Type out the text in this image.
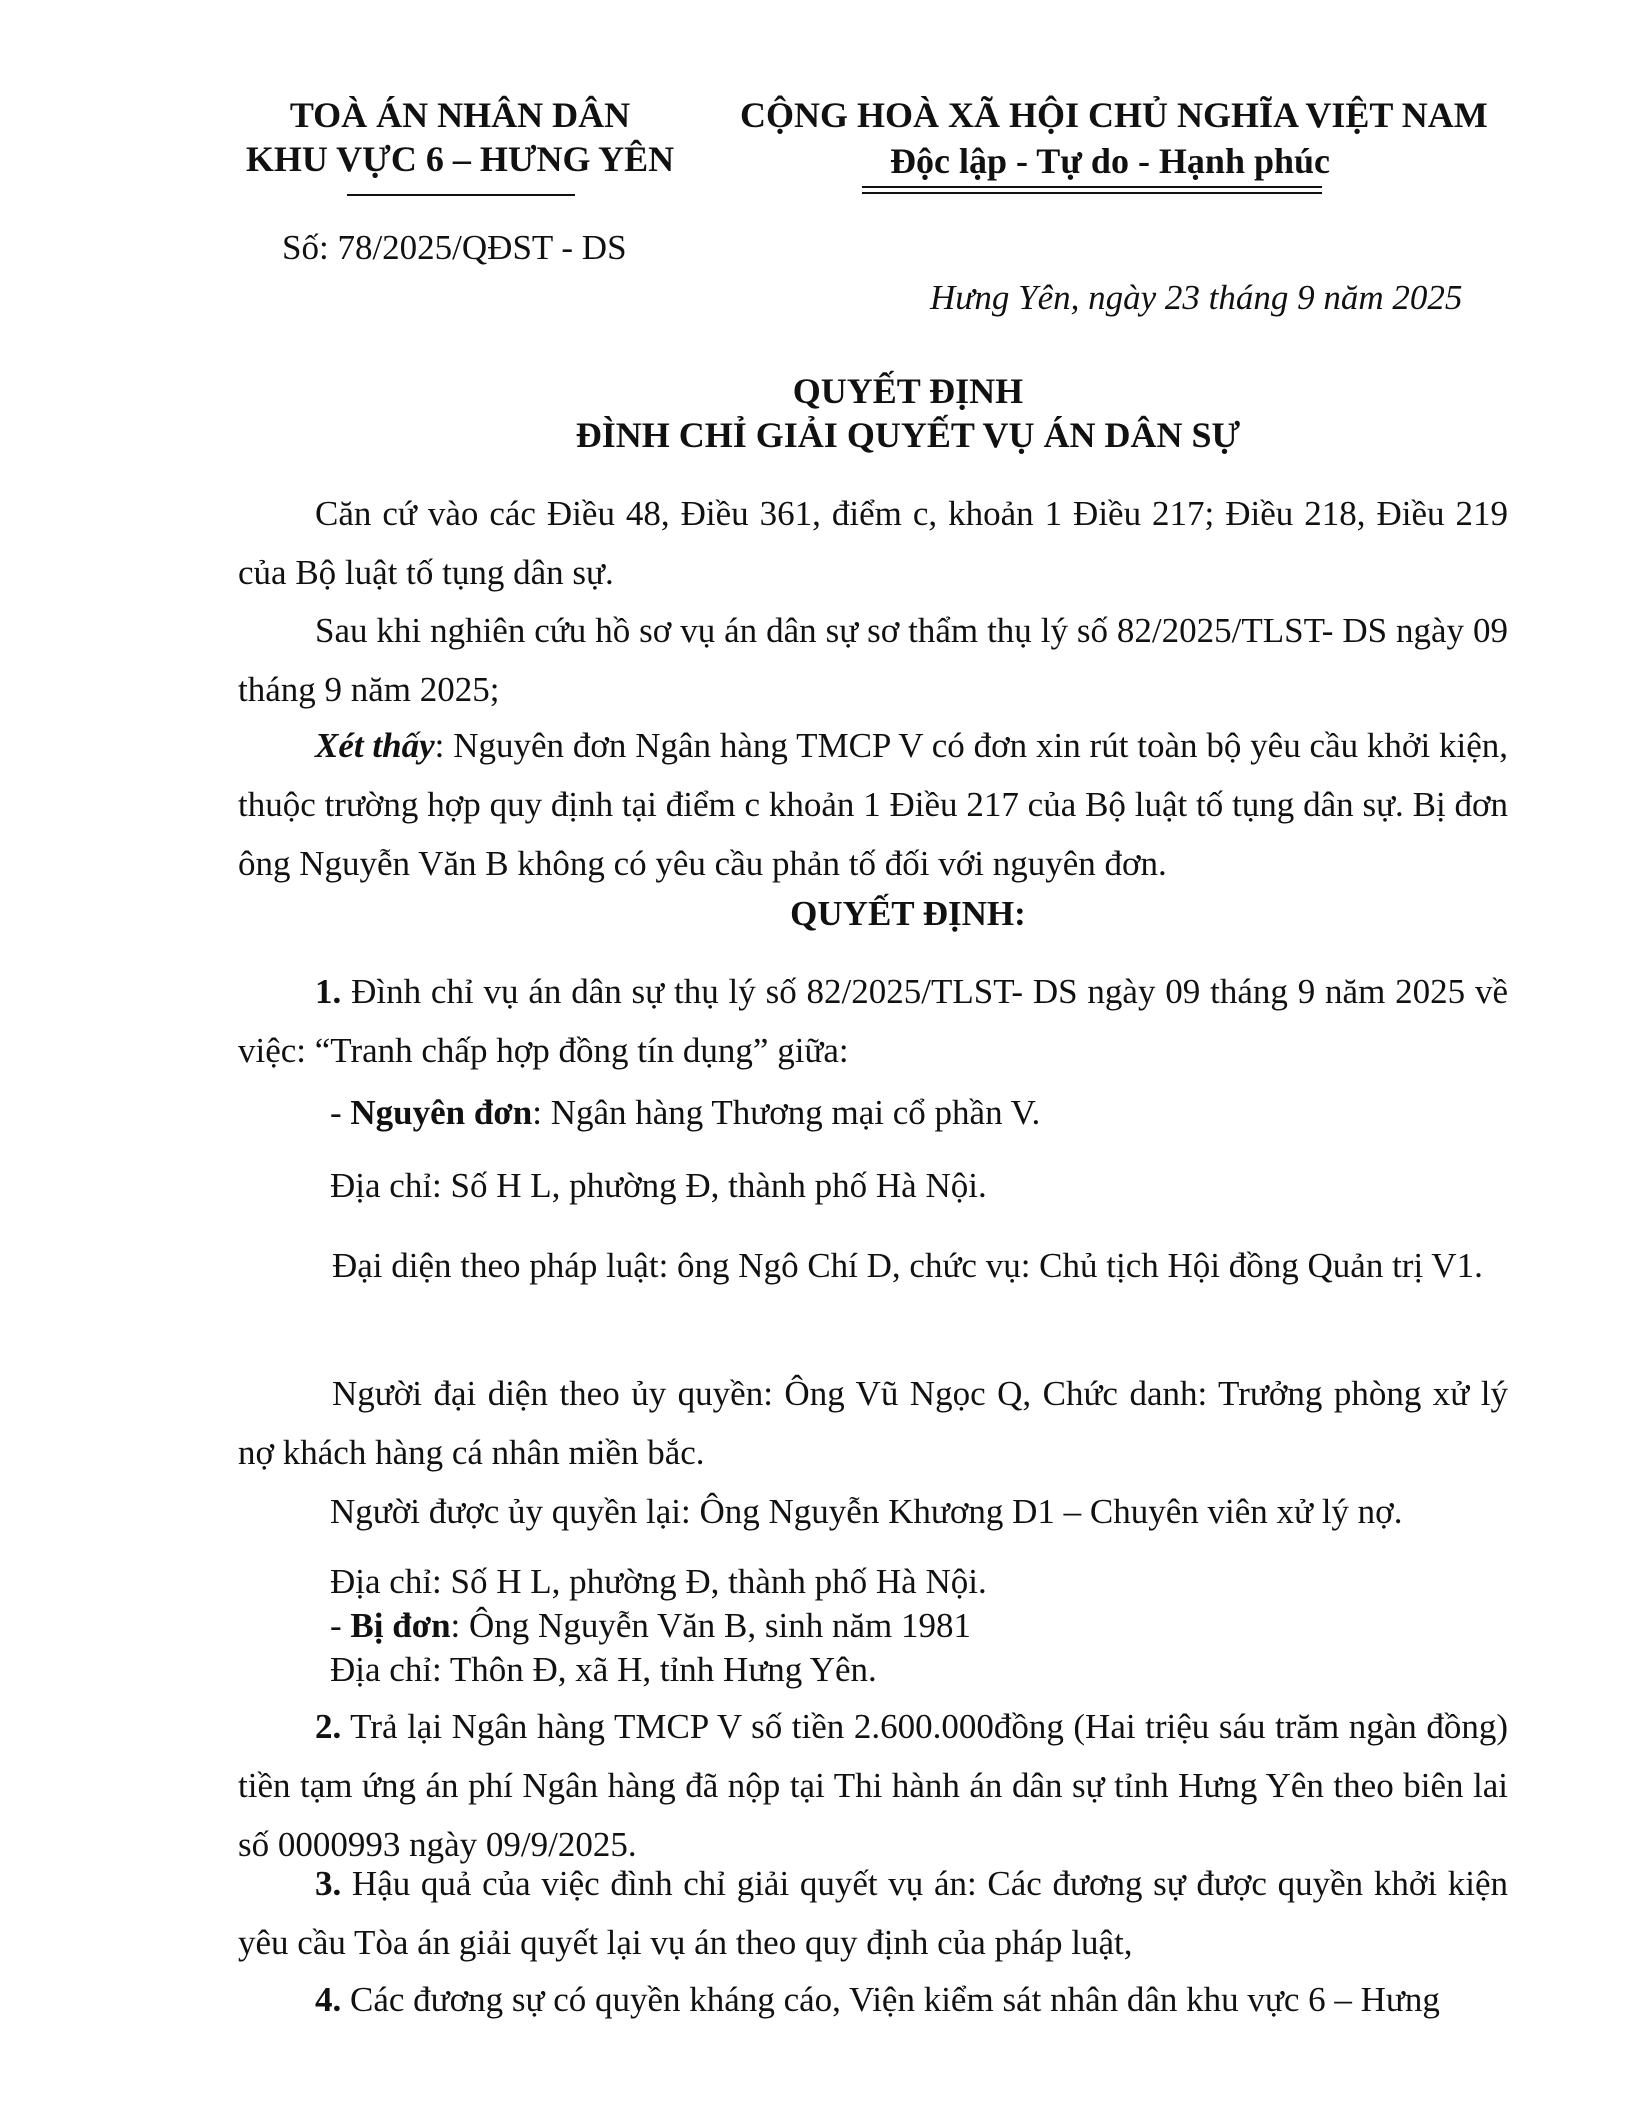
TOÀ ÁN NHÂN DÂN
KHU VỰC 6 – HƯNG YÊN
CỘNG HOÀ XÃ HỘI CHỦ NGHĨA VIỆT NAM
Độc lập - Tự do - Hạnh phúc
Số: 78/2025/QĐST - DS
Hưng Yên, ngày 23 tháng 9 năm 2025
QUYẾT ĐỊNH
ĐÌNH CHỈ GIẢI QUYẾT VỤ ÁN DÂN SỰ
Căn cứ vào các Điều 48, Điều 361, điểm c, khoản 1 Điều 217; Điều 218, Điều 219 của Bộ luật tố tụng dân sự.
Sau khi nghiên cứu hồ sơ vụ án dân sự sơ thẩm thụ lý số 82/2025/TLST- DS ngày 09 tháng 9 năm 2025;
Xét thấy: Nguyên đơn Ngân hàng TMCP V có đơn xin rút toàn bộ yêu cầu khởi kiện, thuộc trường hợp quy định tại điểm c khoản 1 Điều 217 của Bộ luật tố tụng dân sự. Bị đơn ông Nguyễn Văn B không có yêu cầu phản tố đối với nguyên đơn.
QUYẾT ĐỊNH:
1. Đình chỉ vụ án dân sự thụ lý số 82/2025/TLST- DS ngày 09 tháng 9 năm 2025 về việc: “Tranh chấp hợp đồng tín dụng” giữa:
- Nguyên đơn: Ngân hàng Thương mại cổ phần V.
Địa chỉ: Số H L, phường Đ, thành phố Hà Nội.
Đại diện theo pháp luật: ông Ngô Chí D, chức vụ: Chủ tịch Hội đồng Quản trị V1.
Người đại diện theo ủy quyền: Ông Vũ Ngọc Q, Chức danh: Trưởng phòng xử lý nợ khách hàng cá nhân miền bắc.
Người được ủy quyền lại: Ông Nguyễn Khương D1 – Chuyên viên xử lý nợ.
Địa chỉ: Số H L, phường Đ, thành phố Hà Nội.
- Bị đơn: Ông Nguyễn Văn B, sinh năm 1981
Địa chỉ: Thôn Đ, xã H, tỉnh Hưng Yên.
2. Trả lại Ngân hàng TMCP V số tiền 2.600.000đồng (Hai triệu sáu trăm ngàn đồng) tiền tạm ứng án phí Ngân hàng đã nộp tại Thi hành án dân sự tỉnh Hưng Yên theo biên lai số 0000993 ngày 09/9/2025.
3. Hậu quả của việc đình chỉ giải quyết vụ án: Các đương sự được quyền khởi kiện yêu cầu Tòa án giải quyết lại vụ án theo quy định của pháp luật,
4. Các đương sự có quyền kháng cáo, Viện kiểm sát nhân dân khu vực 6 – Hưng
